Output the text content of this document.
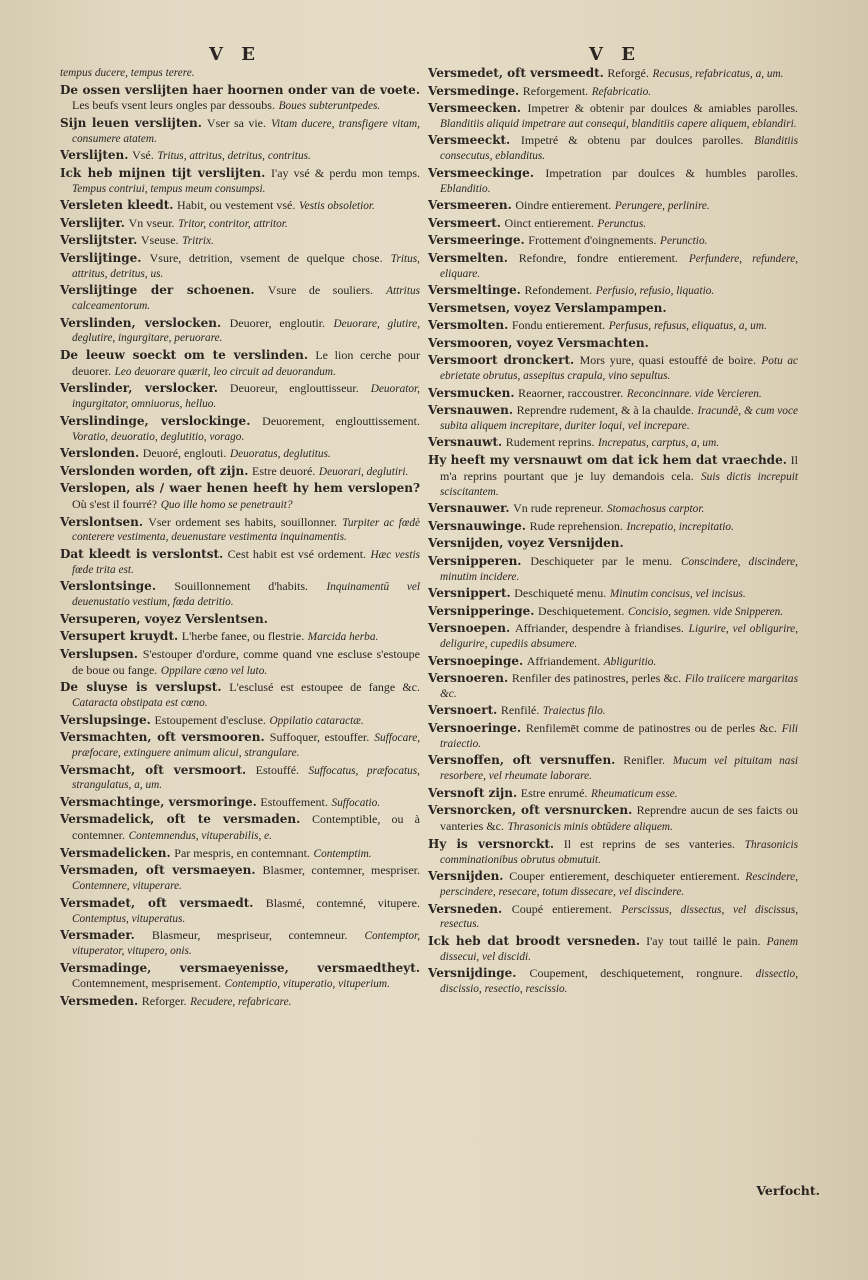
V E	V E

tempus ducere, tempus terere.

De ossen verslijten haer hoornen onder van de voete. Les beufs vsent leurs ongles par dessoubs. Boues subteruntpedes.

Sijn leuen verslijten. Vser sa vie. Vitam ducere, transfigere vitam, consumere atatem.

Verslijten. Vsé. Tritus, attritus, detritus, contritus.

Ick heb mijnen tijt verslijten. I'ay vsé & perdu mon temps. Tempus contriui, tempus meum consumpsi.

Versleten kleedt. Habit, ou vestement vsé. Vestis obsoletior.

Verslijter. Vn vseur. Tritor, contritor, attritor.

Verslijtster. Vseuse. Tritrix.

Verslijtinge. Vsure, detrition, vsement de quelque chose. Tritus, attritus, detritus, us.

Verslijtinge der schoenen. Vsure de souliers. Attritus calceamentorum.

Verslinden, verslocken. Deuorer, engloutir. Deuorare, glutire, deglutire, ingurgitare, peruorare.

De leeuw soeckt om te verslinden. Le lion cerche pour deuorer. Leo deuorare quærit, leo circuit ad deuorandum.

Verslinder, verslocker. Deuoreur, englouttisseur. Deuorator, ingurgitator, omniuorus, helluo.

Verslindinge, verslockinge. Deuorement, englouttissement. Voratio, deuoratio, deglutitio, vorago.

Verslonden. Deuoré, englouti. Deuoratus, deglutitus.

Verslonden worden, oft zijn. Estre deuoré. Deuorari, deglutiri.

Verslopen, als / waer henen heeft hy hem verslopen? Où s'est il fourré? Quo ille homo se penetrauit?

Verslontsen. Vser ordement ses habits, souillonner. Turpiter ac fœdè conterere vestimenta, deuenustare vestimenta inquinamentis.

Dat kleedt is verslontst. Cest habit est vsé ordement. Hæc vestis fœde trita est.

Verslontsinge. Souillonnement d'habits. Inquinamentū vel deuenustatio vestium, fœda detritio.

Versuperen, voyez Verslentsen.

Versupert kruydt. L'herbe fanee, ou flestrie. Marcida herba.

Verslupsen. S'estouper d'ordure, comme quand vne escluse s'estoupe de boue ou fange. Oppilare cœno vel luto.

De sluyse is verslupst. L'esclusé est estoupee de fange &c. Cataracta obstipata est cœno.

Verslupsinge. Estoupement d'escluse. Oppilatio cataractæ.

Versmachten, oft versmooren. Suffoquer, estouffer. Suffocare, præfocare, extinguere animum alicui, strangulare.

Versmacht, oft versmoort. Estouffé. Suffocatus, præfocatus, strangulatus, a, um.

Versmachtinge, versmoringe. Estouffement. Suffocatio.

Versmadelick, oft te versmaden. Contemptible, ou à contemner. Contemnendus, vituperabilis, e.

Versmadelicken. Par mespris, en contemnant. Contemptim.

Versmaden, oft versmaeyen. Blasmer, contemner, mespriser. Contemnere, vituperare.

Versmadet, oft versmaedt. Blasmé, contemné, vitupere. Contemptus, vituperatus.

Versmader. Blasmeur, mespriseur, contemneur. Contemptor, vituperator, vitupero, onis.

Versmadinge, versmaeyenisse, versmaedtheyt. Contemnement, mesprisement. Contemptio, vituperatio, vituperium.

Versmeden. Reforger. Recudere, refabricare.

Versmedet, oft versmeedt. Reforgé. Recusus, refabricatus, a, um.

Versmedinge. Reforgement. Refabricatio.

Versmeecken. Impetrer & obtenir par doulces & amiables parolles. Blanditiis aliquid impetrare aut consequi, blanditiis capere aliquem, eblandiri.

Versmeeckt. Impetré & obtenu par doulces parolles. Blanditiis consecutus, eblanditus.

Versmeeckinge. Impetration par doulces & humbles parolles. Eblanditio.

Versmeeren. Oindre entierement. Perungere, perlinire.

Versmeert. Oinct entierement. Perunctus.

Versmeeringe. Frottement d'oingnements. Perunctio.

Versmelten. Refondre, fondre entierement. Perfundere, refundere, eliquare.

Versmeltinge. Refondement. Perfusio, refusio, liquatio.

Versmetsen, voyez Verslampampen.

Versmolten. Fondu entierement. Perfusus, refusus, eliquatus, a, um.

Versmooren, voyez Versmachten.

Versmoort dronckert. Mors yure, quasi estouffé de boire. Potu ac ebrietate obrutus, assepitus crapula, vino sepultus.

Versmucken. Reaorner, raccoustrer. Reconcinnare. vide Vercieren.

Versnauwen. Reprendre rudement, & à la chaulde. Iracundè, & cum voce subita aliquem increpitare, duriter loqui, vel increpare.

Versnauwt. Rudement reprins. Increpatus, carptus, a, um.

Hy heeft my versnauwt om dat ick hem dat vraechde. Il m'a reprins pourtant que je luy demandois cela. Suis dictis increpuit sciscitantem.

Versnauwer. Vn rude repreneur. Stomachosus carptor.

Versnauwinge. Rude reprehension. Increpatio, increpitatio.

Versnijden, voyez Versnijden.

Versnipperen. Deschiqueter par le menu. Conscindere, discindere, minutim incidere.

Versnippert. Deschiqueté menu. Minutim concisus, vel incisus.

Versnipperinge. Deschiquetement. Concisio, segmen. vide Snipperen.

Versnoepen. Affriander, despendre à friandises. Ligurire, vel obligurire, deligurire, cupediis absumere.

Versnoepinge. Affriandement. Abliguritio.

Versnoeren. Renfiler des patinostres, perles &c. Filo traiicere margaritas &c.

Versnoert. Renfilé. Traiectus filo.

Versnoeringe. Renfilemēt comme de patinostres ou de perles &c. Fili traiectio.

Versnoffen, oft versnuffen. Renifler. Mucum vel pituitam nasi resorbere, vel rheumate laborare.

Versnoft zijn. Estre enrumé. Rheumaticum esse.

Versnorcken, oft versnurcken. Reprendre aucun de ses faicts ou vanteries &c. Thrasonicis minis obtūdere aliquem.

Hy is versnorckt. Il est reprins de ses vanteries. Thrasonicis comminationibus obrutus obmutuit.

Versnijden. Couper entierement, deschiqueter entierement. Rescindere, perscindere, resecare, totum dissecare, vel discindere.

Versneden. Coupé entierement. Perscissus, dissectus, vel discissus, resectus.

Ick heb dat broodt versneden. I'ay tout taillé le pain. Panem dissecui, vel discidi.

Versnijdinge. Coupement, deschiquetement, rongnure. dissectio, discissio, resectio, rescissio.

Verfocht.
